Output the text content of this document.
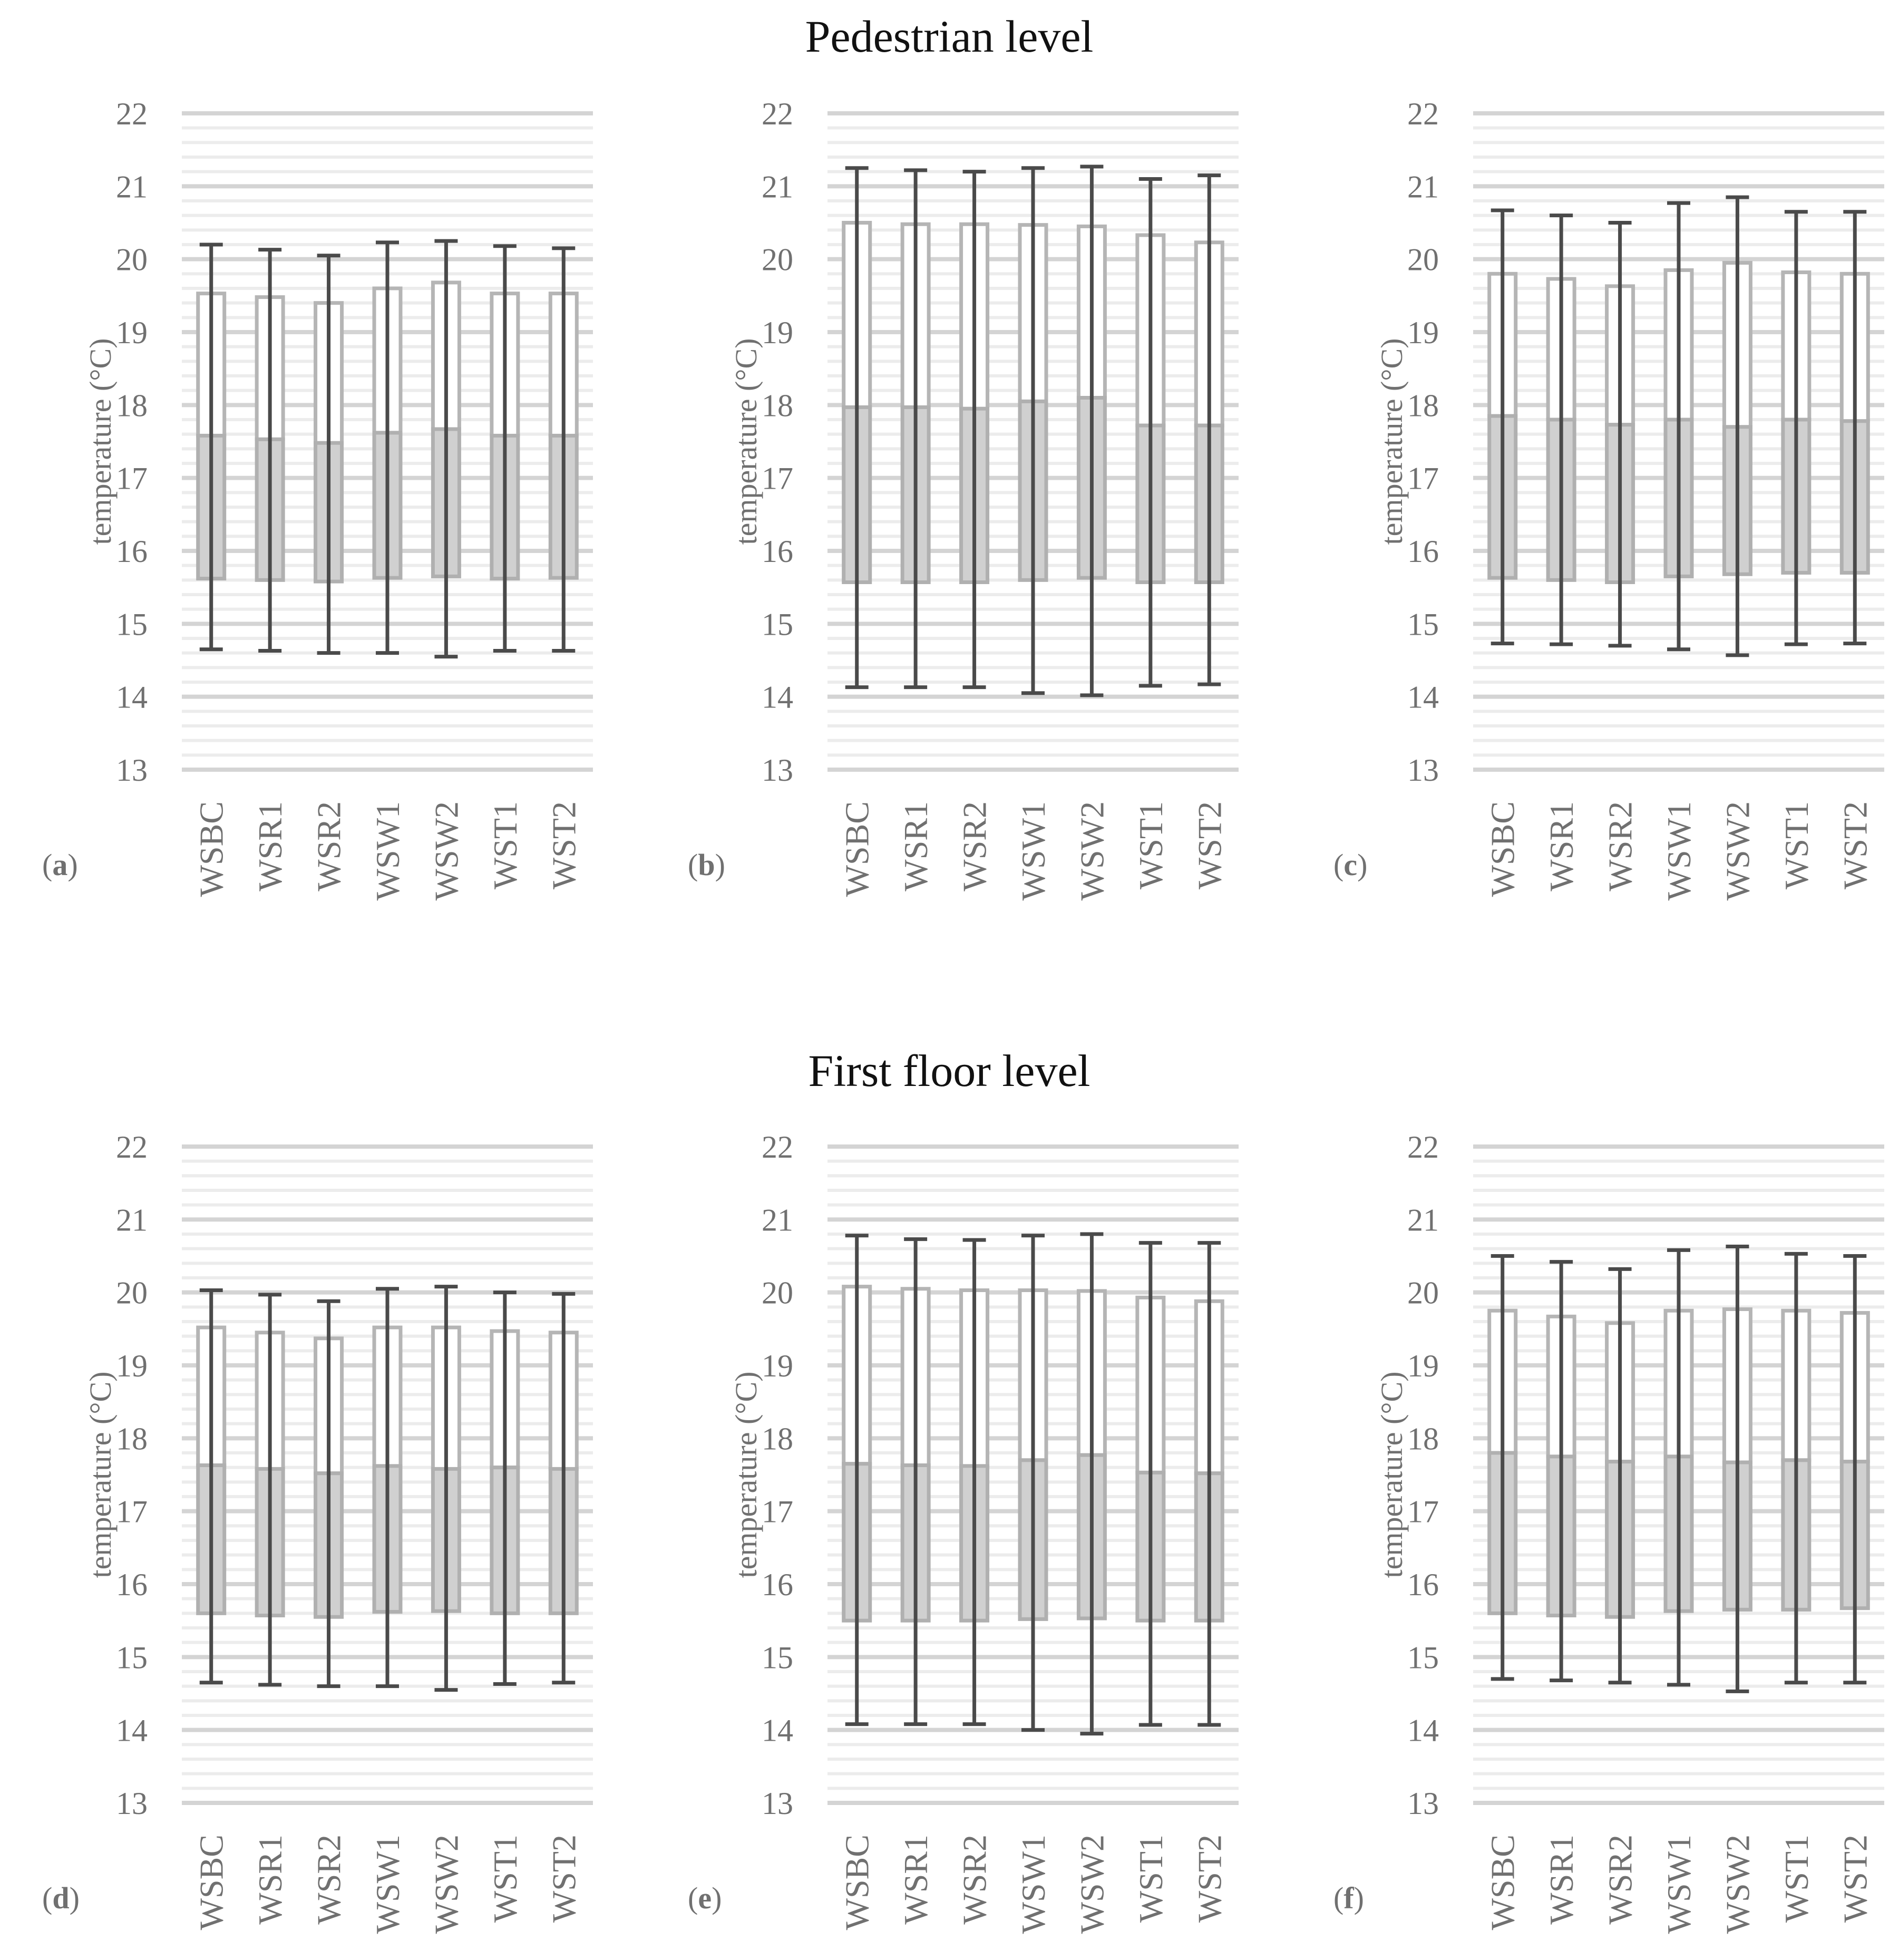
Pedestrian level
First floor level
13
14
15
16
17
18
19
20
21
22
temperature (°C)
WSBC WSR1 WSR2 WSW1 WSW2 WST1 WST2
(a)
13
14
15
16
17
18
19
20
21
22
temperature (°C)
WSBC WSR1 WSR2 WSW1 WSW2 WST1 WST2
(b)
13
14
15
16
17
18
19
20
21
22
temperature (°C)
WSBC WSR1 WSR2 WSW1 WSW2 WST1 WST2
(c)
13
14
15
16
17
18
19
20
21
22
temperature (°C)
WSBC WSR1 WSR2 WSW1 WSW2 WST1 WST2
(d)
13
14
15
16
17
18
19
20
21
22
temperature (°C)
WSBC WSR1 WSR2 WSW1 WSW2 WST1 WST2
(e)
13
14
15
16
17
18
19
20
21
22
temperature (°C)
WSBC WSR1 WSR2 WSW1 WSW2 WST1 WST2
(f)
